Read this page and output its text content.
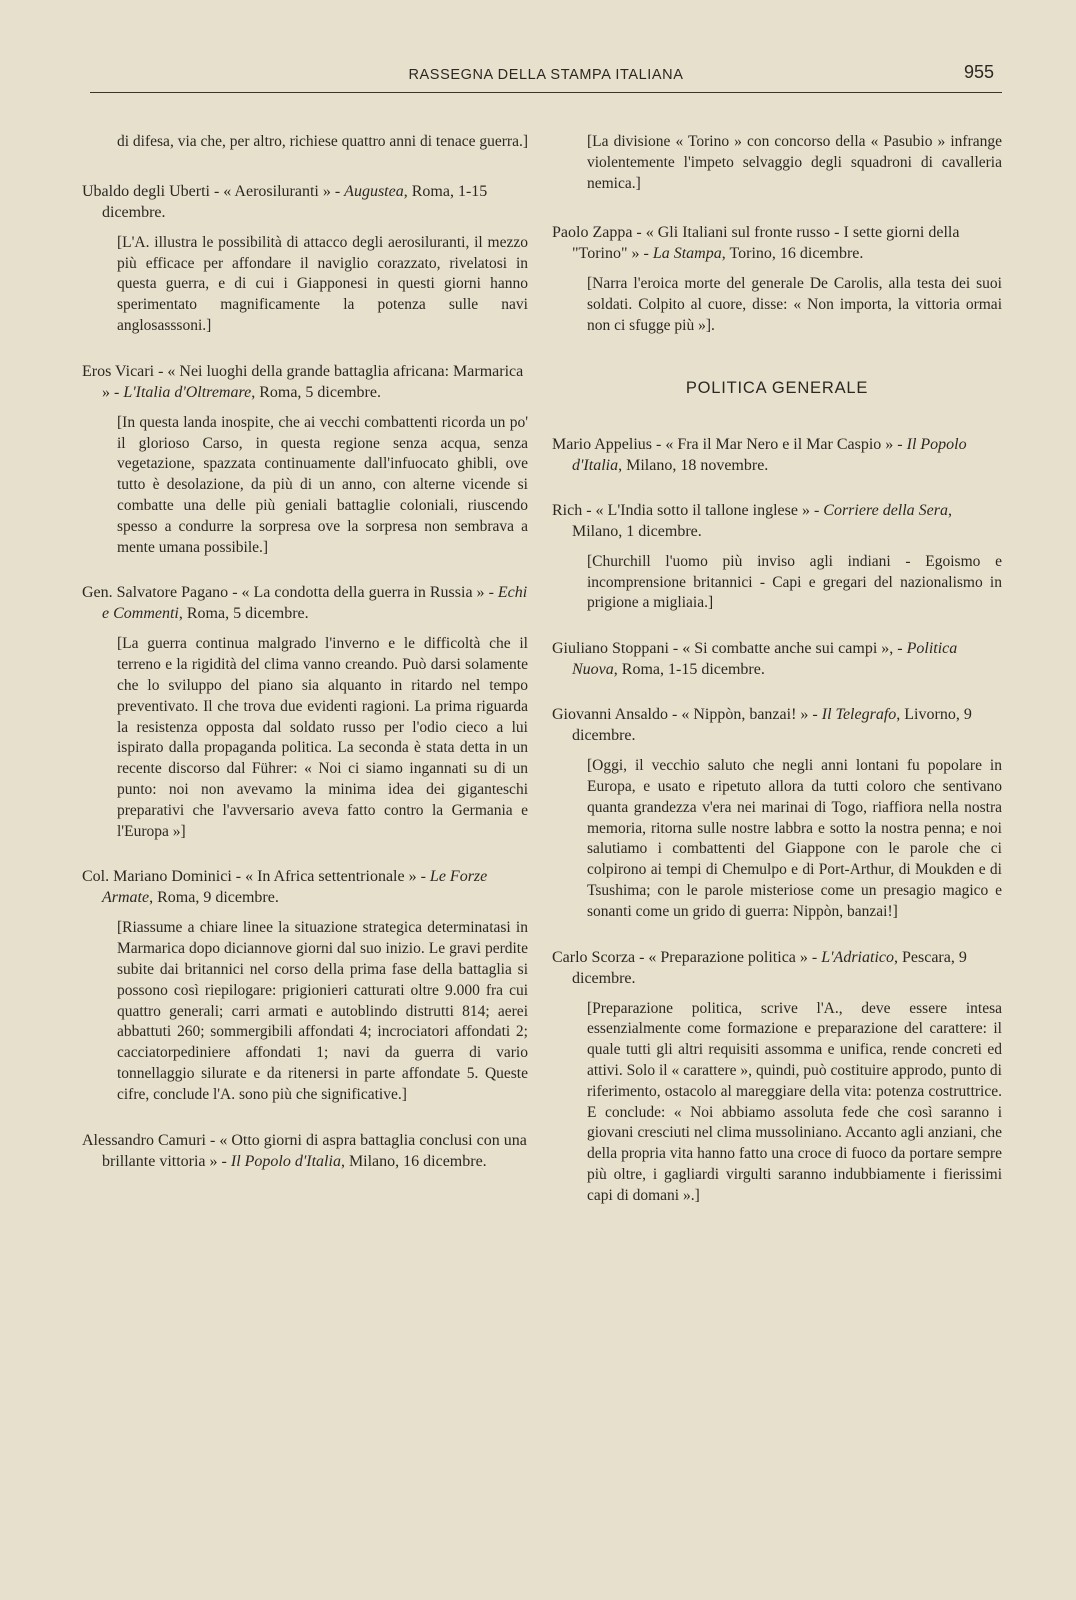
RASSEGNA DELLA STAMPA ITALIANA	955
di difesa, via che, per altro, richiese quattro anni di tenace guerra.]
Ubaldo degli Uberti - « Aerosiluranti » - Augustea, Roma, 1-15 dicembre.
[L'A. illustra le possibilità di attacco degli aerosiluranti, il mezzo più efficace per affondare il naviglio corazzato, rivelatosi in questa guerra, e di cui i Giapponesi in questi giorni hanno sperimentato magnificamente la potenza sulle navi anglosasssoni.]
Eros Vicari - « Nei luoghi della grande battaglia africana: Marmarica » - L'Italia d'Oltremare, Roma, 5 dicembre.
[In questa landa inospite, che ai vecchi combattenti ricorda un po' il glorioso Carso, in questa regione senza acqua, senza vegetazione, spazzata continuamente dall'infuocato ghibli, ove tutto è desolazione, da più di un anno, con alterne vicende si combatte una delle più geniali battaglie coloniali, riuscendo spesso a condurre la sorpresa ove la sorpresa non sembrava a mente umana possibile.]
Gen. Salvatore Pagano - « La condotta della guerra in Russia » - Echi e Commenti, Roma, 5 dicembre.
[La guerra continua malgrado l'inverno e le difficoltà che il terreno e la rigidità del clima vanno creando. Può darsi solamente che lo sviluppo del piano sia alquanto in ritardo nel tempo preventivato. Il che trova due evidenti ragioni. La prima riguarda la resistenza opposta dal soldato russo per l'odio cieco a lui ispirato dalla propaganda politica. La seconda è stata detta in un recente discorso dal Führer: « Noi ci siamo ingannati su di un punto: noi non avevamo la minima idea dei giganteschi preparativi che l'avversario aveva fatto contro la Germania e l'Europa »]
Col. Mariano Dominici - « In Africa settentrionale » - Le Forze Armate, Roma, 9 dicembre.
[Riassume a chiare linee la situazione strategica determinatasi in Marmarica dopo diciannove giorni dal suo inizio. Le gravi perdite subite dai britannici nel corso della prima fase della battaglia si possono così riepilogare: prigionieri catturati oltre 9.000 fra cui quattro generali; carri armati e autoblindo distrutti 814; aerei abbattuti 260; sommergibili affondati 4; incrociatori affondati 2; cacciatorpediniere affondati 1; navi da guerra di vario tonnellaggio silurate e da ritenersi in parte affondate 5. Queste cifre, conclude l'A. sono più che significative.]
Alessandro Camuri - « Otto giorni di aspra battaglia conclusi con una brillante vittoria » - Il Popolo d'Italia, Milano, 16 dicembre.
[La divisione « Torino » con concorso della « Pasubio » infrange violentemente l'impeto selvaggio degli squadroni di cavalleria nemica.]
Paolo Zappa - « Gli Italiani sul fronte russo - I sette giorni della "Torino" » - La Stampa, Torino, 16 dicembre.
[Narra l'eroica morte del generale De Carolis, alla testa dei suoi soldati. Colpito al cuore, disse: « Non importa, la vittoria ormai non ci sfugge più »].
POLITICA GENERALE
Mario Appelius - « Fra il Mar Nero e il Mar Caspio » - Il Popolo d'Italia, Milano, 18 novembre.
Rich - « L'India sotto il tallone inglese » - Corriere della Sera, Milano, 1 dicembre.
[Churchill l'uomo più inviso agli indiani - Egoismo e incomprensione britannici - Capi e gregari del nazionalismo in prigione a migliaia.]
Giuliano Stoppani - « Si combatte anche sui campi », - Politica Nuova, Roma, 1-15 dicembre.
Giovanni Ansaldo - « Nippòn, banzai! » - Il Telegrafo, Livorno, 9 dicembre.
[Oggi, il vecchio saluto che negli anni lontani fu popolare in Europa, e usato e ripetuto allora da tutti coloro che sentivano quanta grandezza v'era nei marinai di Togo, riaffiora nella nostra memoria, ritorna sulle nostre labbra e sotto la nostra penna; e noi salutiamo i combattenti del Giappone con le parole che ci colpirono ai tempi di Chemulpo e di Port-Arthur, di Moukden e di Tsushima; con le parole misteriose come un presagio magico e sonanti come un grido di guerra: Nippòn, banzai!]
Carlo Scorza - « Preparazione politica » - L'Adriatico, Pescara, 9 dicembre.
[Preparazione politica, scrive l'A., deve essere intesa essenzialmente come formazione e preparazione del carattere: il quale tutti gli altri requisiti assomma e unifica, rende concreti ed attivi. Solo il « carattere », quindi, può costituire approdo, punto di riferimento, ostacolo al mareggiare della vita: potenza costruttrice. E conclude: « Noi abbiamo assoluta fede che così saranno i giovani cresciuti nel clima mussoliniano. Accanto agli anziani, che della propria vita hanno fatto una croce di fuoco da portare sempre più oltre, i gagliardi virgulti saranno indubbiamente i fierissimi capi di domani ».]
